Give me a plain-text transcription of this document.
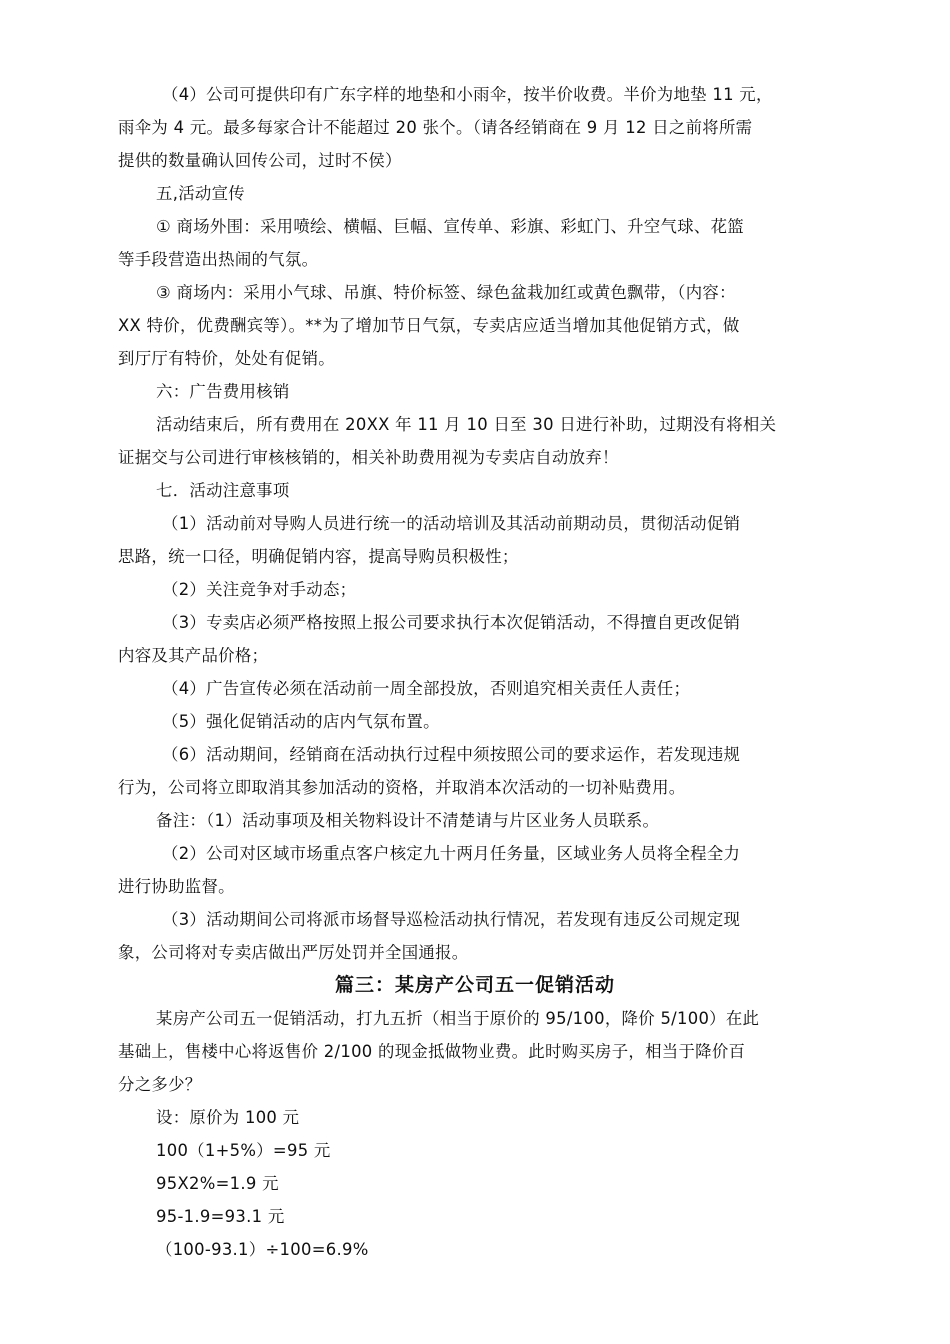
（4）公司可提供印有广东字样的地垫和小雨伞，按半价收费。半价为地垫 11 元，
雨伞为 4 元。最多每家合计不能超过 20 张个。（请各经销商在 9 月 12 日之前将所需
提供的数量确认回传公司，过时不侯）
五,活动宣传
① 商场外围：采用喷绘、横幅、巨幅、宣传单、彩旗、彩虹门、升空气球、花篮
等手段营造出热闹的气氛。
③ 商场内：采用小气球、吊旗、特价标签、绿色盆栽加红或黄色飘带，（内容：
XX 特价，优费酬宾等）。**为了增加节日气氛，专卖店应适当增加其他促销方式，做
到厅厅有特价，处处有促销。
六：广告费用核销
活动结束后，所有费用在 20XX 年 11 月 10 日至 30 日进行补助，过期没有将相关
证据交与公司进行审核核销的，相关补助费用视为专卖店自动放弃！
七．活动注意事项
（1）活动前对导购人员进行统一的活动培训及其活动前期动员，贯彻活动促销
思路，统一口径，明确促销内容，提高导购员积极性；
（2）关注竞争对手动态；
（3）专卖店必须严格按照上报公司要求执行本次促销活动，不得擅自更改促销
内容及其产品价格；
（4）广告宣传必须在活动前一周全部投放，否则追究相关责任人责任；
（5）强化促销活动的店内气氛布置。
（6）活动期间，经销商在活动执行过程中须按照公司的要求运作，若发现违规
行为，公司将立即取消其参加活动的资格，并取消本次活动的一切补贴费用。
备注：（1）活动事项及相关物料设计不清楚请与片区业务人员联系。
（2）公司对区域市场重点客户核定九十两月任务量，区域业务人员将全程全力
进行协助监督。
（3）活动期间公司将派市场督导巡检活动执行情况，若发现有违反公司规定现
象，公司将对专卖店做出严厉处罚并全国通报。
篇三：某房产公司五一促销活动
某房产公司五一促销活动，打九五折（相当于原价的 95/100，降价 5/100）在此
基础上，售楼中心将返售价 2/100 的现金抵做物业费。此时购买房子，相当于降价百
分之多少？
设：原价为 100 元
100（1+5%）=95 元
95X2%=1.9 元
95-1.9=93.1 元
（100-93.1）÷100=6.9%
